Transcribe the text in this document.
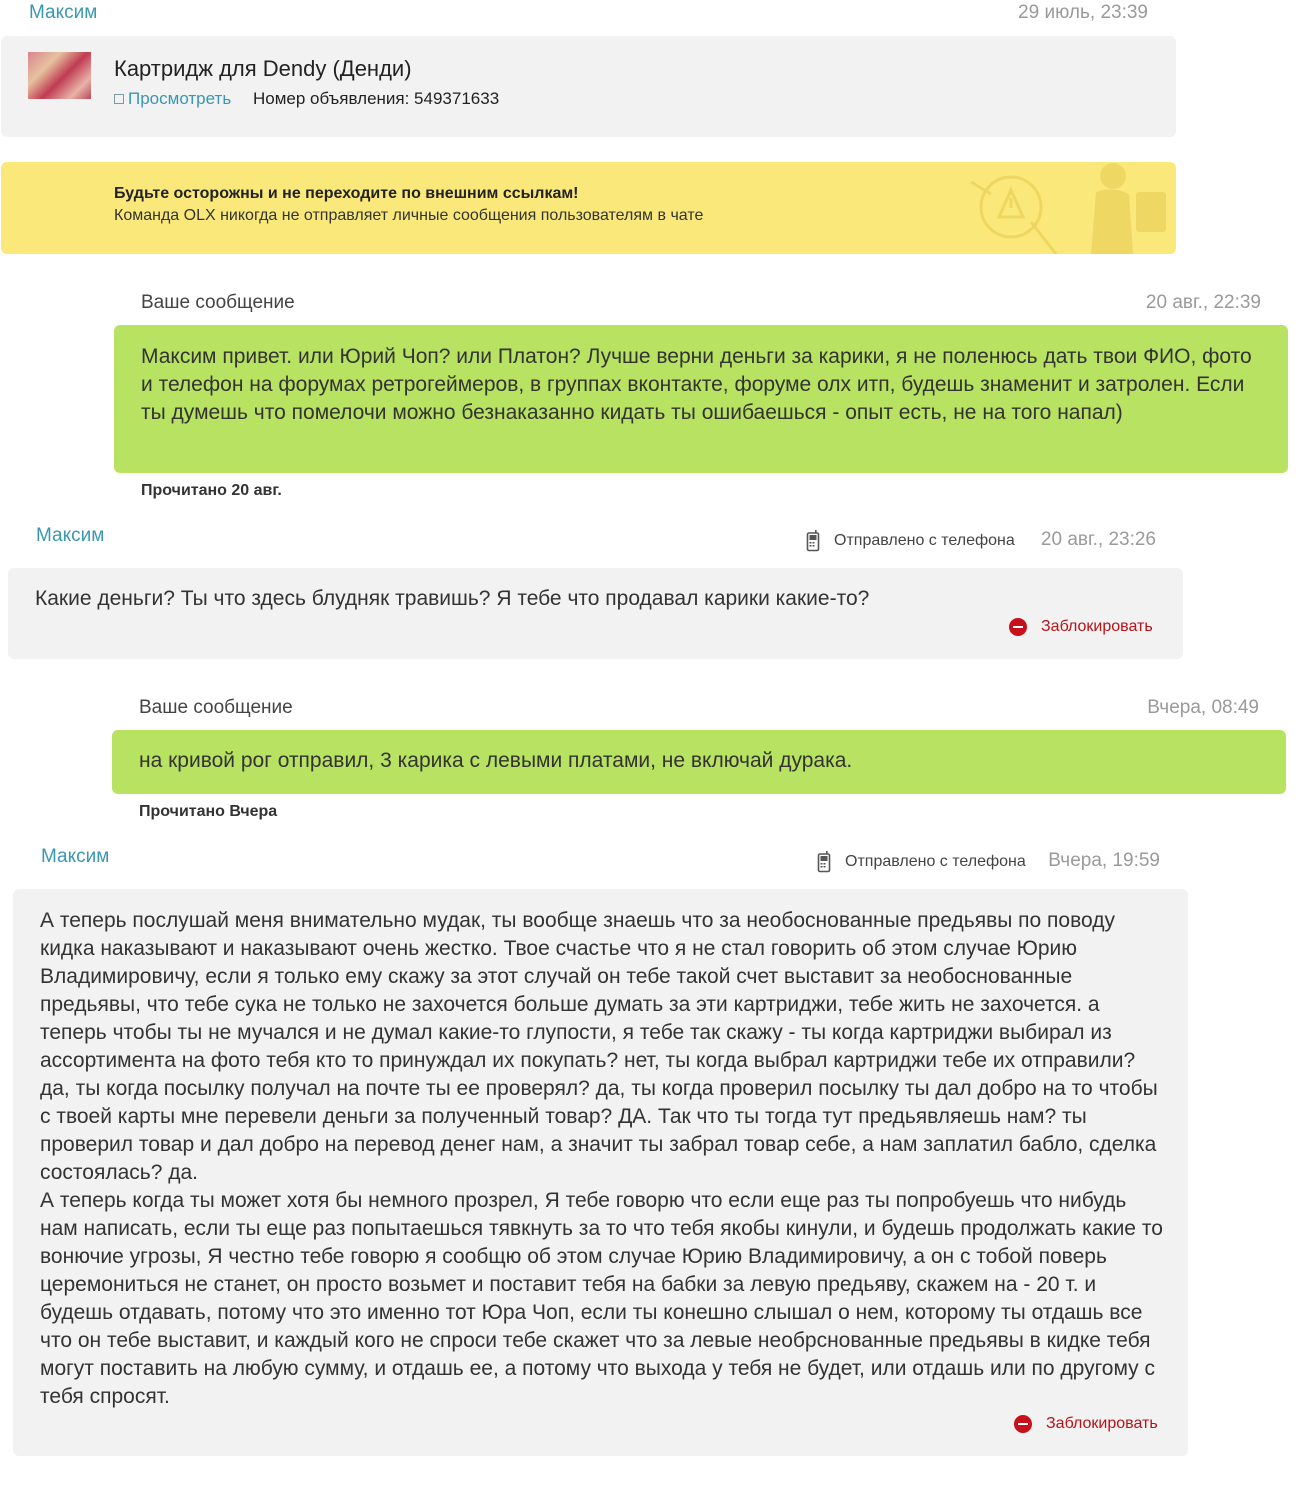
Максим	29 июль, 23:39
Картридж для Dendy (Денди)
Просмотреть Номер объявления: 549371633
Будьте осторожны и не переходите по внешним ссылкам!
Команда OLX никогда не отправляет личные сообщения пользователям в чате
Ваше сообщение	20 авг., 22:39
Максим привет. или Юрий Чоп? или Платон? Лучше верни деньги за карики, я не поленюсь дать твои ФИО, фото и телефон на форумах ретрогеймеров, в группах вконтакте, форуме олх итп, будешь знаменит и затролен. Если ты думешь что помелочи можно безнаказанно кидать ты ошибаешься - опыт есть, не на того напал)
Прочитано 20 авг.
Максим	Отправлено с телефона 20 авг., 23:26
Какие деньги? Ты что здесь блудняк травишь? Я тебе что продавал карики какие-то?
Заблокировать
Ваше сообщение	Вчера, 08:49
на кривой рог отправил, 3 карика с левыми платами, не включай дурака.
Прочитано Вчера
Максим	Отправлено с телефона Вчера, 19:59
А теперь послушай меня внимательно мудак, ты вообще знаешь что за необоснованные предьявы по поводу кидка наказывают и наказывают очень жестко. Твое счастье что я не стал говорить об этом случае Юрию Владимировичу, если я только ему скажу за этот случай он тебе такой счет выставит за необоснованные предьявы, что тебе сука не только не захочется больше думать за эти картриджи, тебе жить не захочется. а теперь чтобы ты не мучался и не думал какие-то глупости, я тебе так скажу - ты когда картриджи выбирал из ассортимента на фото тебя кто то принуждал их покупать? нет, ты когда выбрал картриджи тебе их отправили? да, ты когда посылку получал на почте ты ее проверял? да, ты когда проверил посылку ты дал добро на то чтобы с твоей карты мне перевели деньги за полученный товар? ДА. Так что ты тогда тут предьявляешь нам? ты проверил товар и дал добро на перевод денег нам, а значит ты забрал товар себе, а нам заплатил бабло, сделка состоялась? да.
А теперь когда ты может хотя бы немного прозрел, Я тебе говорю что если еще раз ты попробуешь что нибудь нам написать, если ты еще раз попытаешься тявкнуть за то что тебя якобы кинули, и будешь продолжать какие то вонючие угрозы, Я честно тебе говорю я сообщю об этом случае Юрию Владимировичу, а он с тобой поверь церемониться не станет, он просто возьмет и поставит тебя на бабки за левую предьяву, скажем на - 20 т. и будешь отдавать, потому что это именно тот Юра Чоп, если ты конешно слышал о нем, которому ты отдашь все что он тебе выставит, и каждый кого не спроси тебе скажет что за левые необрснованные предьявы в кидке тебя могут поставить на любую сумму, и отдашь ее, а потому что выхода у тебя не будет, или отдашь или по другому с тебя спросят.
Заблокировать
